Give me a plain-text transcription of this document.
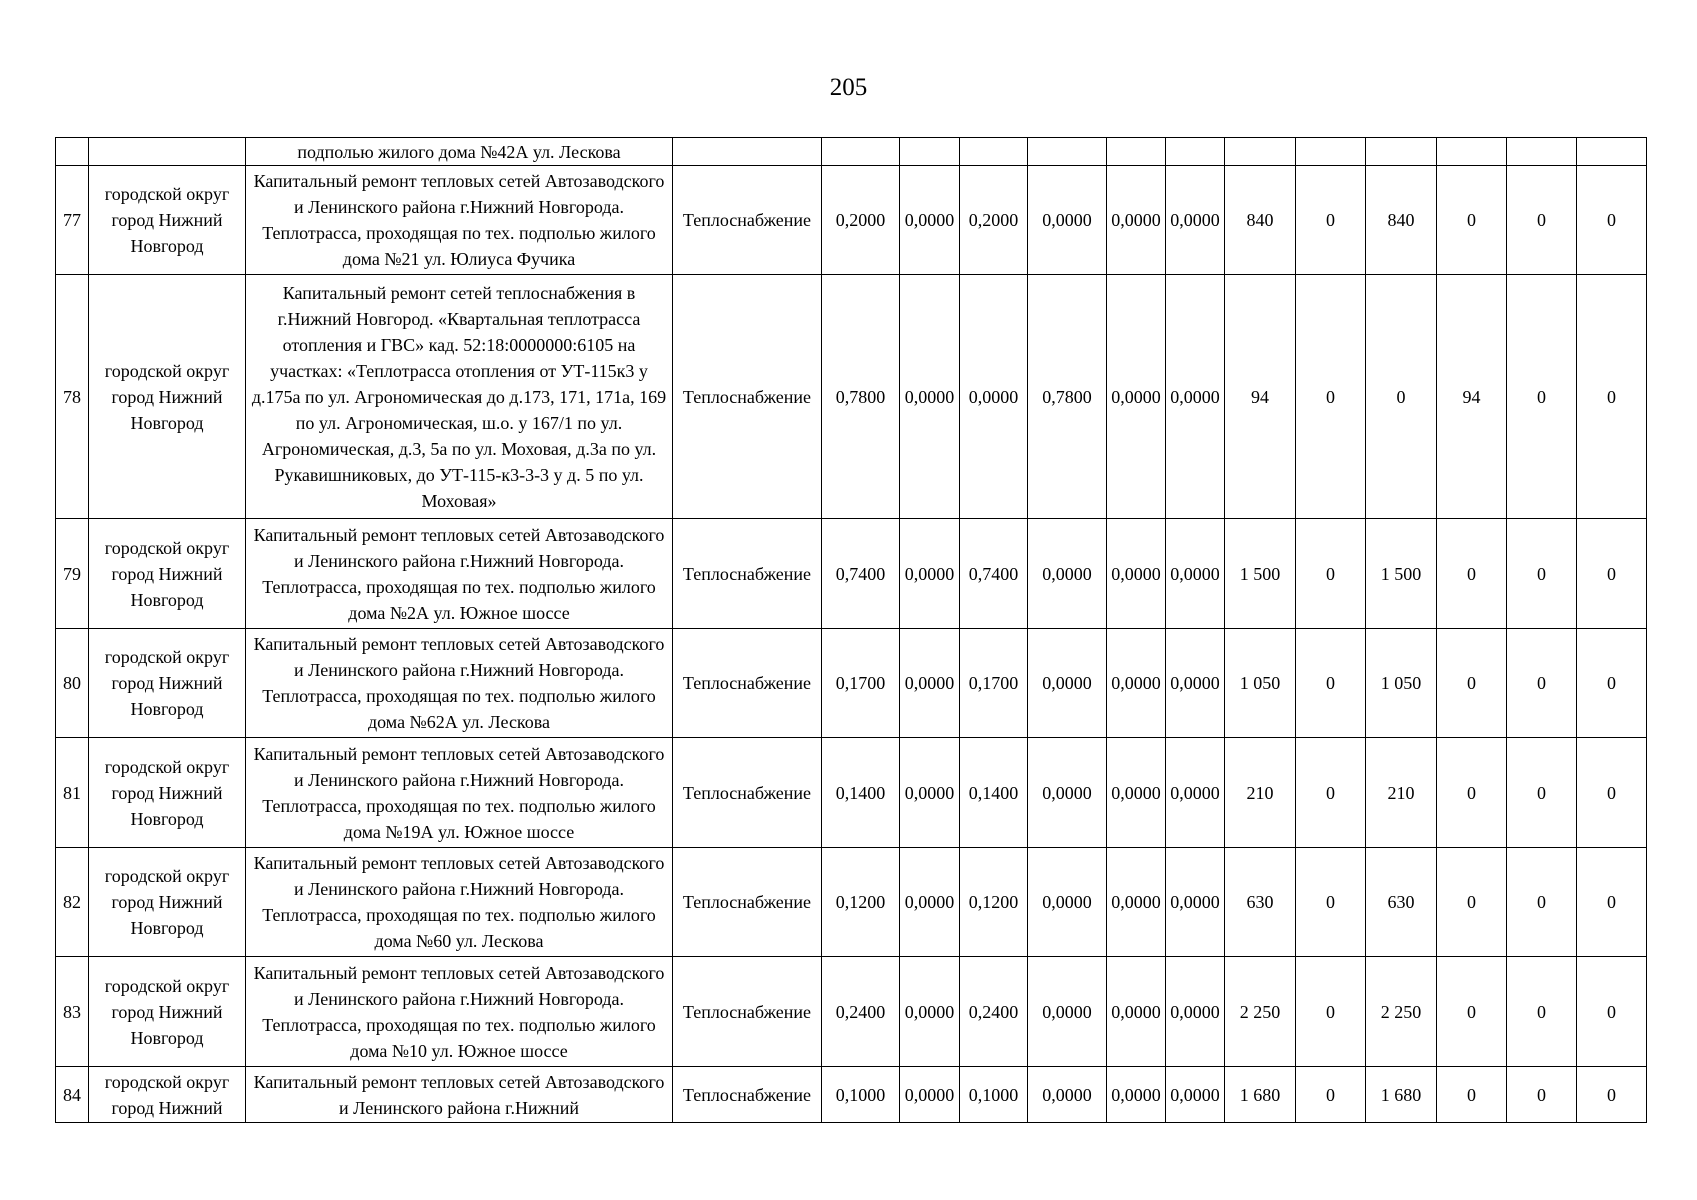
205
		подполью жилого дома №42А ул. Лескова													
77	городской округ город Нижний Новгород	Капитальный ремонт тепловых сетей Автозаводского и Ленинского района г.Нижний Новгорода. Теплотрасса, проходящая по тех. подполью жилого дома №21 ул. Юлиуса Фучика	Теплоснабжение	0,2000	0,0000	0,2000	0,0000	0,0000	0,0000	840	0	840	0	0	0
78	городской округ город Нижний Новгород	Капитальный ремонт сетей теплоснабжения в г.Нижний Новгород. «Квартальная теплотрасса отопления и ГВС» кад. 52:18:0000000:6105 на участках: «Теплотрасса отопления от УТ-115к3 у д.175а по ул. Агрономическая до д.173, 171, 171а, 169 по ул. Агрономическая, ш.о. у 167/1 по ул. Агрономическая, д.3, 5а по ул. Моховая, д.3а по ул. Рукавишниковых, до УТ-115-к3-3-3 у д. 5 по ул. Моховая»	Теплоснабжение	0,7800	0,0000	0,0000	0,7800	0,0000	0,0000	94	0	0	94	0	0
79	городской округ город Нижний Новгород	Капитальный ремонт тепловых сетей Автозаводского и Ленинского района г.Нижний Новгорода. Теплотрасса, проходящая по тех. подполью жилого дома №2А ул. Южное шоссе	Теплоснабжение	0,7400	0,0000	0,7400	0,0000	0,0000	0,0000	1 500	0	1 500	0	0	0
80	городской округ город Нижний Новгород	Капитальный ремонт тепловых сетей Автозаводского и Ленинского района г.Нижний Новгорода. Теплотрасса, проходящая по тех. подполью жилого дома №62А ул. Лескова	Теплоснабжение	0,1700	0,0000	0,1700	0,0000	0,0000	0,0000	1 050	0	1 050	0	0	0
81	городской округ город Нижний Новгород	Капитальный ремонт тепловых сетей Автозаводского и Ленинского района г.Нижний Новгорода. Теплотрасса, проходящая по тех. подполью жилого дома №19А ул. Южное шоссе	Теплоснабжение	0,1400	0,0000	0,1400	0,0000	0,0000	0,0000	210	0	210	0	0	0
82	городской округ город Нижний Новгород	Капитальный ремонт тепловых сетей Автозаводского и Ленинского района г.Нижний Новгорода. Теплотрасса, проходящая по тех. подполью жилого дома №60 ул. Лескова	Теплоснабжение	0,1200	0,0000	0,1200	0,0000	0,0000	0,0000	630	0	630	0	0	0
83	городской округ город Нижний Новгород	Капитальный ремонт тепловых сетей Автозаводского и Ленинского района г.Нижний Новгорода. Теплотрасса, проходящая по тех. подполью жилого дома №10 ул. Южное шоссе	Теплоснабжение	0,2400	0,0000	0,2400	0,0000	0,0000	0,0000	2 250	0	2 250	0	0	0
84	городской округ город Нижний	Капитальный ремонт тепловых сетей Автозаводского и Ленинского района г.Нижний	Теплоснабжение	0,1000	0,0000	0,1000	0,0000	0,0000	0,0000	1 680	0	1 680	0	0	0
